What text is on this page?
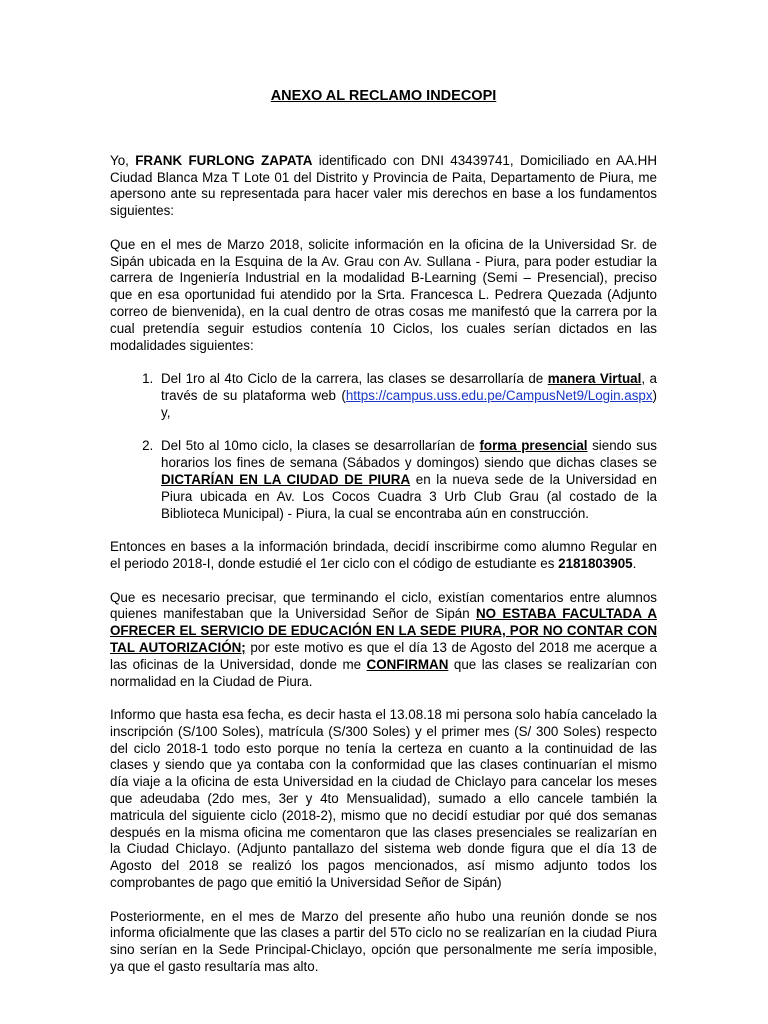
ANEXO AL RECLAMO INDECOPI

Yo, FRANK FURLONG ZAPATA identificado con DNI 43439741, Domiciliado en AA.HH Ciudad Blanca Mza T Lote 01 del Distrito y Provincia de Paita, Departamento de Piura, me apersono ante su representada para hacer valer mis derechos en base a los fundamentos siguientes:

Que en el mes de Marzo 2018, solicite información en la oficina de la Universidad Sr. de Sipán ubicada en la Esquina de la Av. Grau con Av. Sullana - Piura, para poder estudiar la carrera de Ingeniería Industrial en la modalidad B-Learning (Semi – Presencial), preciso que en esa oportunidad fui atendido por la Srta. Francesca L. Pedrera Quezada (Adjunto correo de bienvenida), en la cual dentro de otras cosas me manifestó que la carrera por la cual pretendía seguir estudios contenía 10 Ciclos, los cuales serían dictados en las modalidades siguientes:

1. Del 1ro al 4to Ciclo de la carrera, las clases se desarrollaría de manera Virtual, a través de su plataforma web (https://campus.uss.edu.pe/CampusNet9/Login.aspx) y,
2. Del 5to al 10mo ciclo, la clases se desarrollarían de forma presencial siendo sus horarios los fines de semana (Sábados y domingos) siendo que dichas clases se DICTARÍAN EN LA CIUDAD DE PIURA en la nueva sede de la Universidad en Piura ubicada en Av. Los Cocos Cuadra 3 Urb Club Grau (al costado de la Biblioteca Municipal) - Piura, la cual se encontraba aún en construcción.

Entonces en bases a la información brindada, decidí inscribirme como alumno Regular en el periodo 2018-I, donde estudié el 1er ciclo con el código de estudiante es 2181803905.

Que es necesario precisar, que terminando el ciclo, existían comentarios entre alumnos quienes manifestaban que la Universidad Señor de Sipán NO ESTABA FACULTADA A OFRECER EL SERVICIO DE EDUCACIÓN EN LA SEDE PIURA, POR NO CONTAR CON TAL AUTORIZACIÓN; por este motivo es que el día 13 de Agosto del 2018 me acerque a las oficinas de la Universidad, donde me CONFIRMAN que las clases se realizarían con normalidad en la Ciudad de Piura.

Informo que hasta esa fecha, es decir hasta el 13.08.18 mi persona solo había cancelado la inscripción (S/100 Soles), matrícula (S/300 Soles) y el primer mes (S/ 300 Soles) respecto del ciclo 2018-1 todo esto porque no tenía la certeza en cuanto a la continuidad de las clases y siendo que ya contaba con la conformidad que las clases continuarían el mismo día viaje a la oficina de esta Universidad en la ciudad de Chiclayo para cancelar los meses que adeudaba (2do mes, 3er y 4to Mensualidad), sumado a ello cancele también la matricula del siguiente ciclo (2018-2), mismo que no decidí estudiar por qué dos semanas después en la misma oficina me comentaron que las clases presenciales se realizarían en la Ciudad Chiclayo. (Adjunto pantallazo del sistema web donde figura que el día 13 de Agosto del 2018 se realizó los pagos mencionados, así mismo adjunto todos los comprobantes de pago que emitió la Universidad Señor de Sipán)

Posteriormente, en el mes de Marzo del presente año hubo una reunión donde se nos informa oficialmente que las clases a partir del 5To ciclo no se realizarían en la ciudad Piura sino serían en la Sede Principal-Chiclayo, opción que personalmente me sería imposible, ya que el gasto resultaría mas alto.
